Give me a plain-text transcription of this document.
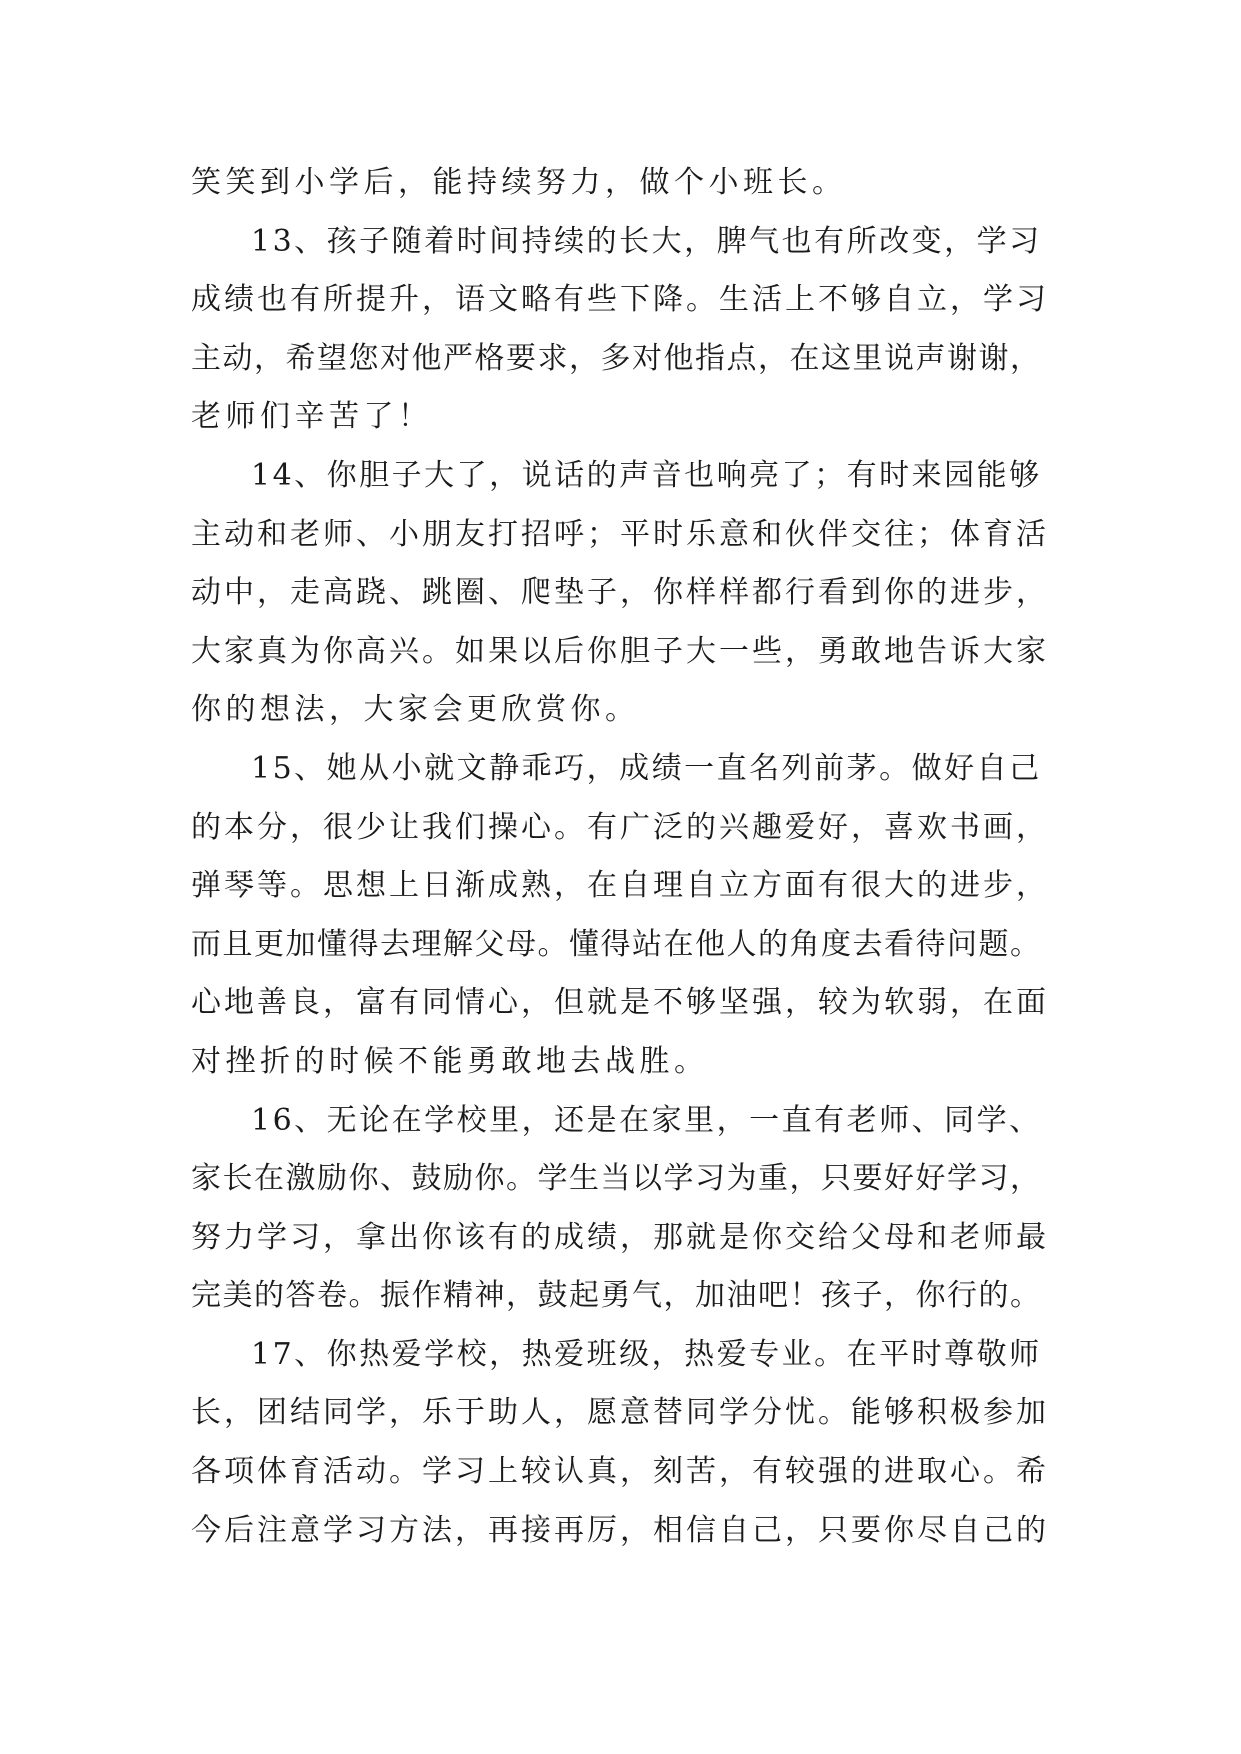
笑笑到小学后，能持续努力，做个小班长。
13、孩子随着时间持续的长大，脾气也有所改变，学习
成绩也有所提升，语文略有些下降。生活上不够自立，学习
主动，希望您对他严格要求，多对他指点，在这里说声谢谢，
老师们辛苦了！
14、你胆子大了，说话的声音也响亮了；有时来园能够
主动和老师、小朋友打招呼；平时乐意和伙伴交往；体育活
动中，走高跷、跳圈、爬垫子，你样样都行看到你的进步，
大家真为你高兴。如果以后你胆子大一些，勇敢地告诉大家
你的想法，大家会更欣赏你。
15、她从小就文静乖巧，成绩一直名列前茅。做好自己
的本分，很少让我们操心。有广泛的兴趣爱好，喜欢书画，
弹琴等。思想上日渐成熟，在自理自立方面有很大的进步，
而且更加懂得去理解父母。懂得站在他人的角度去看待问题。
心地善良，富有同情心，但就是不够坚强，较为软弱，在面
对挫折的时候不能勇敢地去战胜。
16、无论在学校里，还是在家里，一直有老师、同学、
家长在激励你、鼓励你。学生当以学习为重，只要好好学习，
努力学习，拿出你该有的成绩，那就是你交给父母和老师最
完美的答卷。振作精神，鼓起勇气，加油吧！孩子，你行的。
17、你热爱学校，热爱班级，热爱专业。在平时尊敬师
长，团结同学，乐于助人，愿意替同学分忧。能够积极参加
各项体育活动。学习上较认真，刻苦，有较强的进取心。希
今后注意学习方法，再接再厉，相信自己，只要你尽自己的
